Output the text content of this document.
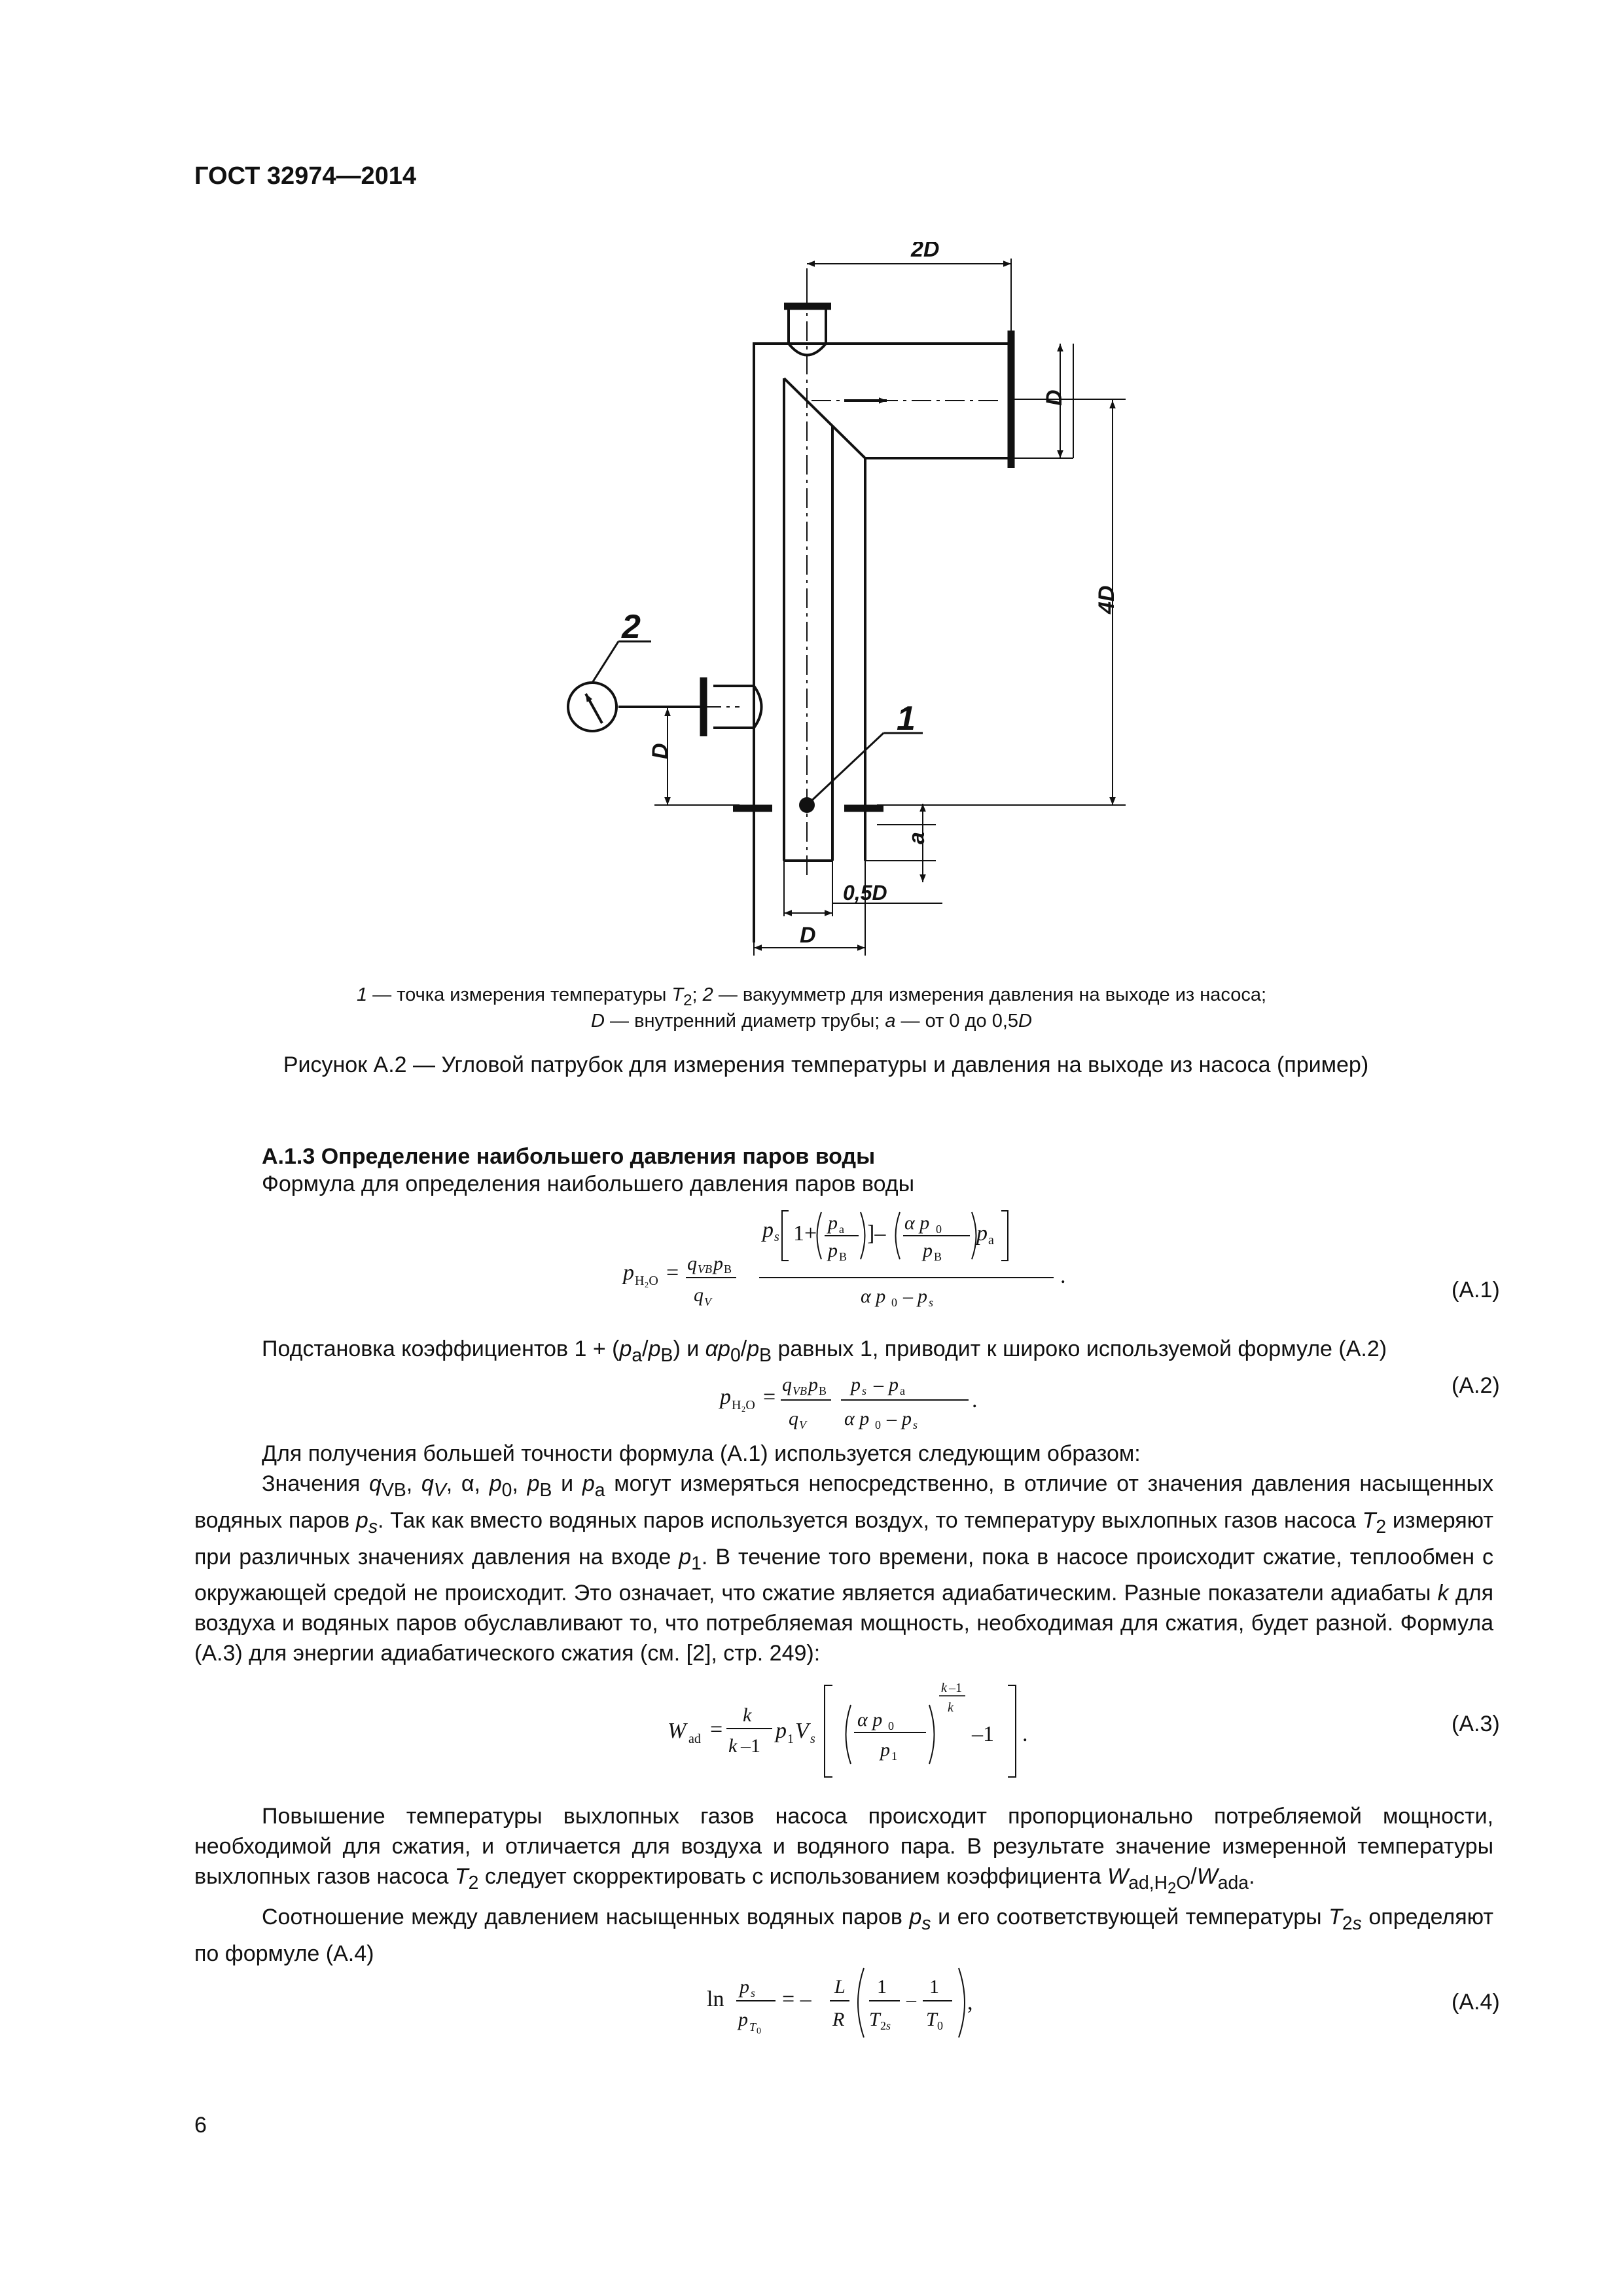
ГОСТ 32974—2014
2D
D
4D
D
a
0,5D
D
1
2
1 — точка измерения температуры $T_2$; 2 — вакуумметр для измерения давления на выходе из насоса;
D — внутренний диаметр трубы; a — от 0 до 0,5D
Рисунок А.2 — Угловой патрубок для измерения температуры и давления на выходе из насоса (пример)
А.1.3 Определение наибольшего давления паров воды
Формула для определения наибольшего давления паров воды
p H₂O = q VB p B
q V
p s 1+ p a
p B
]– α p 0
p B
p a
α p 0 – p s
.
(А.1)
Подстановка коэффициентов $1 + (p_a/p_B)$ и $\alpha p_0/p_B$ равных 1, приводит к широко используемой формуле (А.2)
p H₂O =
q VB p B
q V
p s – p a
α p 0 – p s
.
(А.2)
Для получения большей точности формула (А.1) используется следующим образом:
Значения $q_{VB}$, $q_V$, α, $p_0$, $p_B$ и $p_a$ могут измеряться непосредственно, в отличие от значения давления насыщенных водяных паров $p_s$. Так как вместо водяных паров используется воздух, то температуру выхлопных газов насоса $T_2$ измеряют при различных значениях давления на входе $p_1$. В течение того времени, пока в насосе происходит сжатие, теплообмен с окружающей средой не происходит. Это означает, что сжатие является адиабатическим. Разные показатели адиабаты k для воздуха и водяных паров обуславливают то, что потребляемая мощность, необходимая для сжатия, будет разной. Формула (А.3) для энергии адиабатического сжатия (см. [2], стр. 249):
W ad =
k
k –1
p 1 V s
α p 0
p 1
k –1
k
–1 .	(А.3)
Повышение температуры выхлопных газов насоса происходит пропорционально потребляемой мощности, необходимой для сжатия, и отличается для воздуха и водяного пара. В результате значение измеренной температуры выхлопных газов насоса $T_2$ следует скорректировать с использованием коэффициента $W_{ad,H_2O}/W_{ada}$.
Соотношение между давлением насыщенных водяных паров $p_s$ и его соответствующей температуры $T_{2s}$ определяют по формуле (А.4)
ln
p s
p T 0
= –
L
R
1
T 2s
–
1
T 0
,	(А.4)
6
